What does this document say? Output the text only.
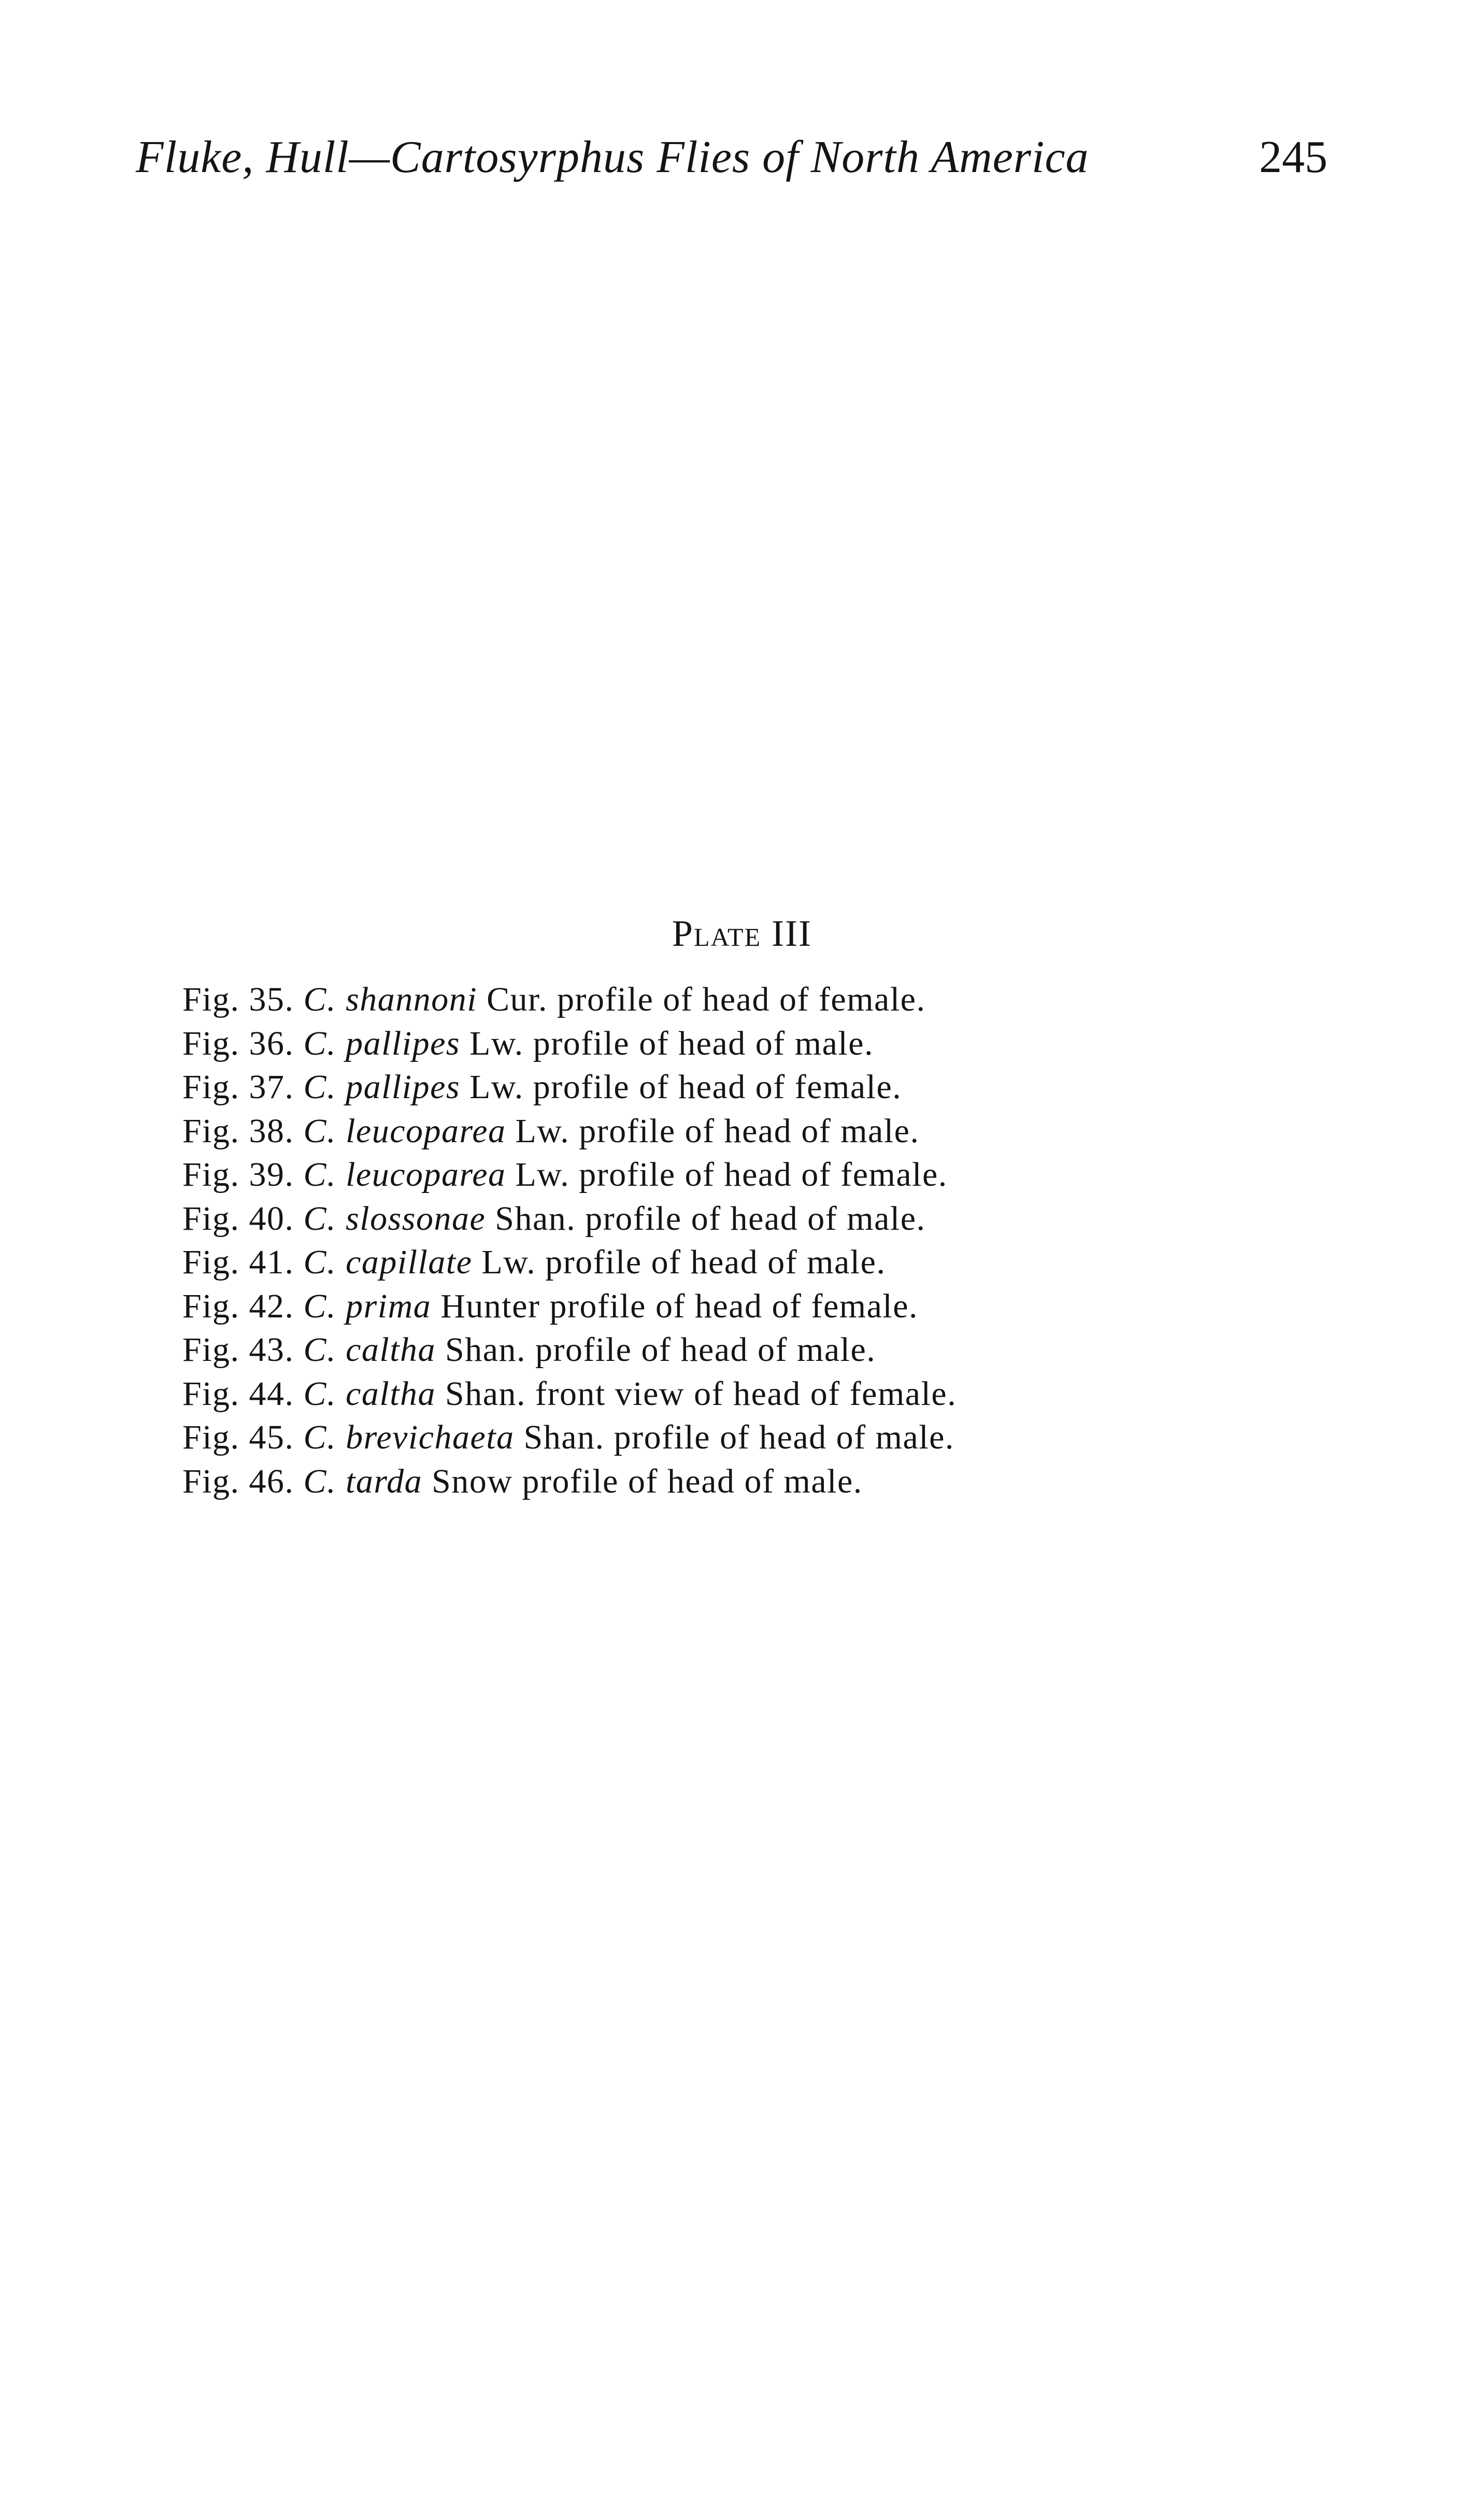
Fluke, Hull—Cartosyrphus Flies of North America	245
Plate III
Fig. 35. C. shannoni Cur. profile of head of female.
Fig. 36. C. pallipes Lw. profile of head of male.
Fig. 37. C. pallipes Lw. profile of head of female.
Fig. 38. C. leucoparea Lw. profile of head of male.
Fig. 39. C. leucoparea Lw. profile of head of female.
Fig. 40. C. slossonae Shan. profile of head of male.
Fig. 41. C. capillate Lw. profile of head of male.
Fig. 42. C. prima Hunter profile of head of female.
Fig. 43. C. caltha Shan. profile of head of male.
Fig. 44. C. caltha Shan. front view of head of female.
Fig. 45. C. brevichaeta Shan. profile of head of male.
Fig. 46. C. tarda Snow profile of head of male.
